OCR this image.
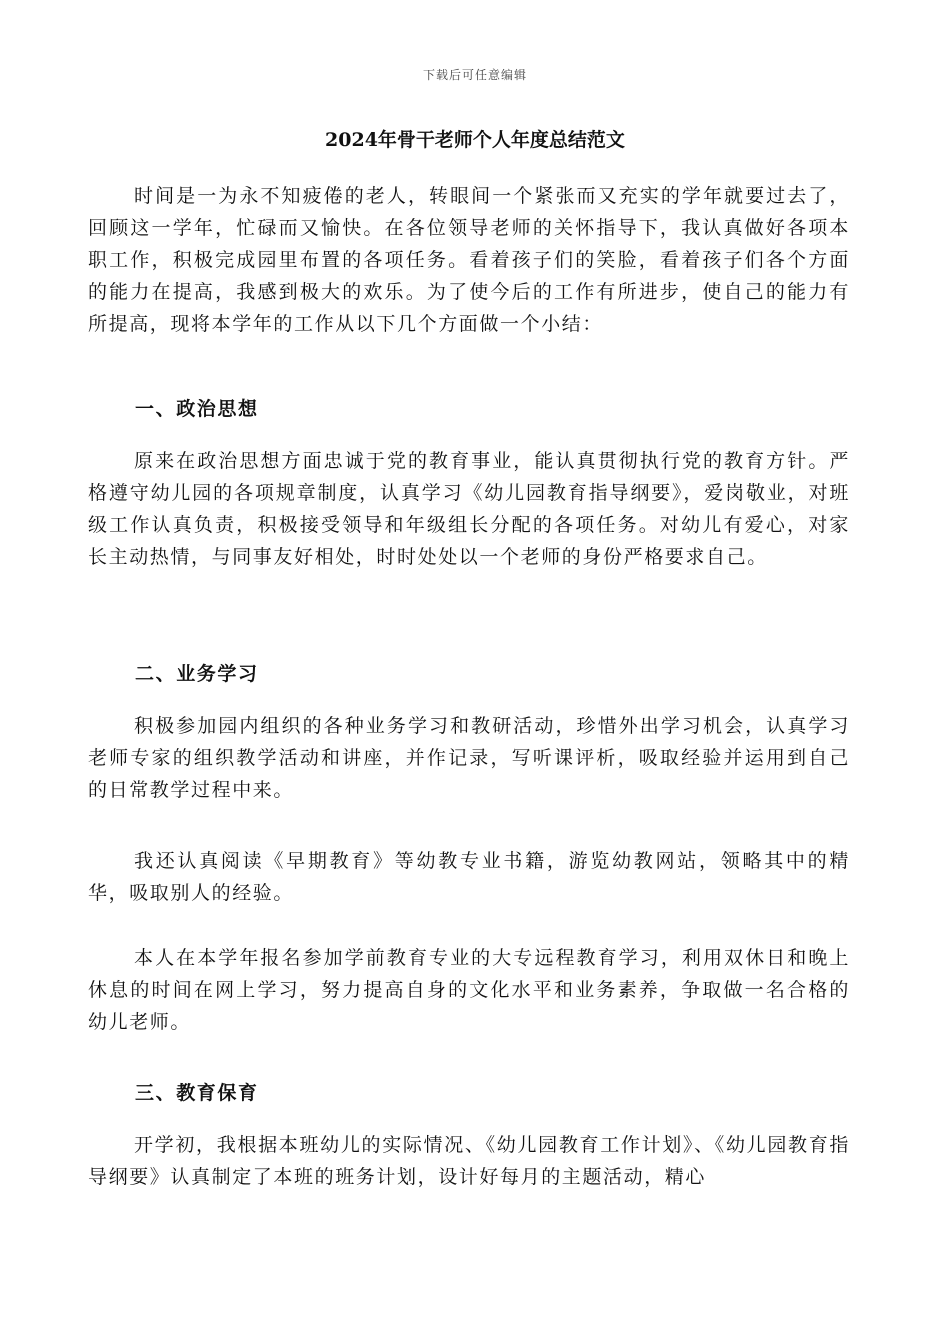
下载后可任意编辑
2024年骨干老师个人年度总结范文

时间是一为永不知疲倦的老人，转眼间一个紧张而又充实的学年就要过去了，回顾这一学年，忙碌而又愉快。在各位领导老师的关怀指导下，我认真做好各项本职工作，积极完成园里布置的各项任务。看着孩子们的笑脸，看着孩子们各个方面的能力在提高，我感到极大的欢乐。为了使今后的工作有所进步，使自己的能力有所提高，现将本学年的工作从以下几个方面做一个小结：

一、政治思想

原来在政治思想方面忠诚于党的教育事业，能认真贯彻执行党的教育方针。严格遵守幼儿园的各项规章制度，认真学习《幼儿园教育指导纲要》，爱岗敬业，对班级工作认真负责，积极接受领导和年级组长分配的各项任务。对幼儿有爱心，对家长主动热情，与同事友好相处，时时处处以一个老师的身份严格要求自己。

二、业务学习

积极参加园内组织的各种业务学习和教研活动，珍惜外出学习机会，认真学习老师专家的组织教学活动和讲座，并作记录，写听课评析，吸取经验并运用到自己的日常教学过程中来。

我还认真阅读《早期教育》等幼教专业书籍，游览幼教网站，领略其中的精华，吸取别人的经验。

本人在本学年报名参加学前教育专业的大专远程教育学习，利用双休日和晚上休息的时间在网上学习，努力提高自身的文化水平和业务素养，争取做一名合格的幼儿老师。

三、教育保育

开学初，我根据本班幼儿的实际情况、《幼儿园教育工作计划》、《幼儿园教育指导纲要》认真制定了本班的班务计划，设计好每月的主题活动，精心
